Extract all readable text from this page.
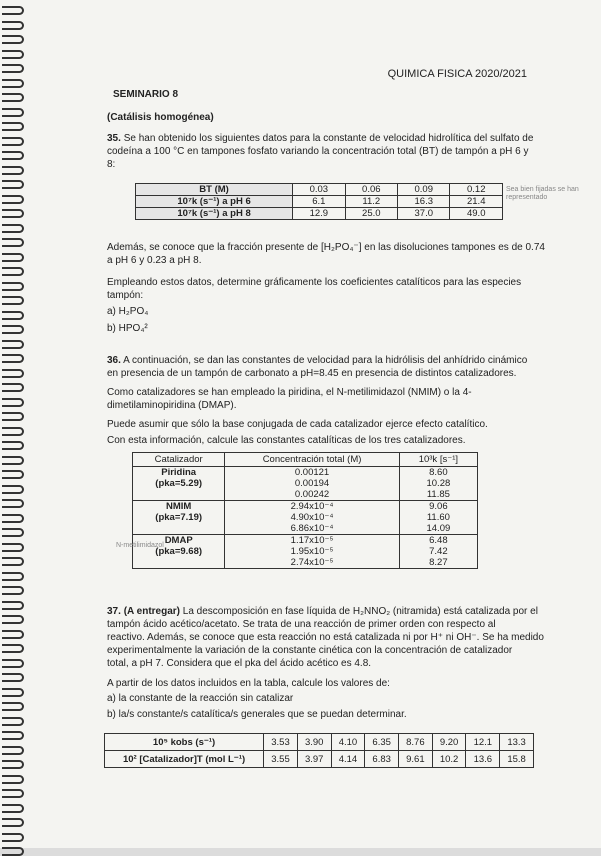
QUIMICA FISICA 2020/2021
SEMINARIO 8
(Catálisis homogénea)
35. Se han obtenido los siguientes datos para la constante de velocidad hidrolítica del sulfato de
codeína a 100 °C en tampones fosfato variando la concentración total (BT) de tampón a pH 6 y
8:
BT (M)	0.03	0.06	0.09	0.12
10⁷k (s⁻¹) a pH 6	6.1	11.2	16.3	21.4
10⁷k (s⁻¹) a pH 8	12.9	25.0	37.0	49.0
Sea bien fijadas se han representado
Además, se conoce que la fracción presente de [H₂PO₄⁻] en las disoluciones tampones es de 0.74
a pH 6 y 0.23 a pH 8.
Empleando estos datos, determine gráficamente los coeficientes catalíticos para las especies
tampón:
a) H₂PO₄
b) HPO₄²
36. A continuación, se dan las constantes de velocidad para la hidrólisis del anhídrido cinámico
en presencia de un tampón de carbonato a pH=8.45 en presencia de distintos catalizadores.
Como catalizadores se han empleado la piridina, el N-metilimidazol (NMIM) o la 4-
dimetilaminopiridina (DMAP).
Puede asumir que sólo la base conjugada de cada catalizador ejerce efecto catalítico.
Con esta información, calcule las constantes catalíticas de los tres catalizadores.
Catalizador	Concentración total (M)	10³k [s⁻¹]
Piridina	0.00121	8.60
(pka=5.29)	0.00194	10.28
	0.00242	11.85
NMIM	2.94x10⁻⁴	9.06
(pka=7.19)	4.90x10⁻⁴	11.60
	6.86x10⁻⁴	14.09
DMAP	1.17x10⁻⁵	6.48
(pka=9.68)	1.95x10⁻⁵	7.42
	2.74x10⁻⁵	8.27
N-metilimidazol
37. (A entregar) La descomposición en fase líquida de H₂NNO₂ (nitramida) está catalizada por el
tampón ácido acético/acetato. Se trata de una reacción de primer orden con respecto al
reactivo. Además, se conoce que esta reacción no está catalizada ni por H⁺ ni OH⁻. Se ha medido
experimentalmente la variación de la constante cinética con la concentración de catalizador
total, a pH 7. Considera que el pka del ácido acético es 4.8.
A partir de los datos incluidos en la tabla, calcule los valores de:
a) la constante de la reacción sin catalizar
b) la/s constante/s catalítica/s generales que se puedan determinar.
10⁵ kobs (s⁻¹)	3.53	3.90	4.10	6.35	8.76	9.20	12.1	13.3
10² [Catalizador]T (mol L⁻¹)	3.55	3.97	4.14	6.83	9.61	10.2	13.6	15.8
